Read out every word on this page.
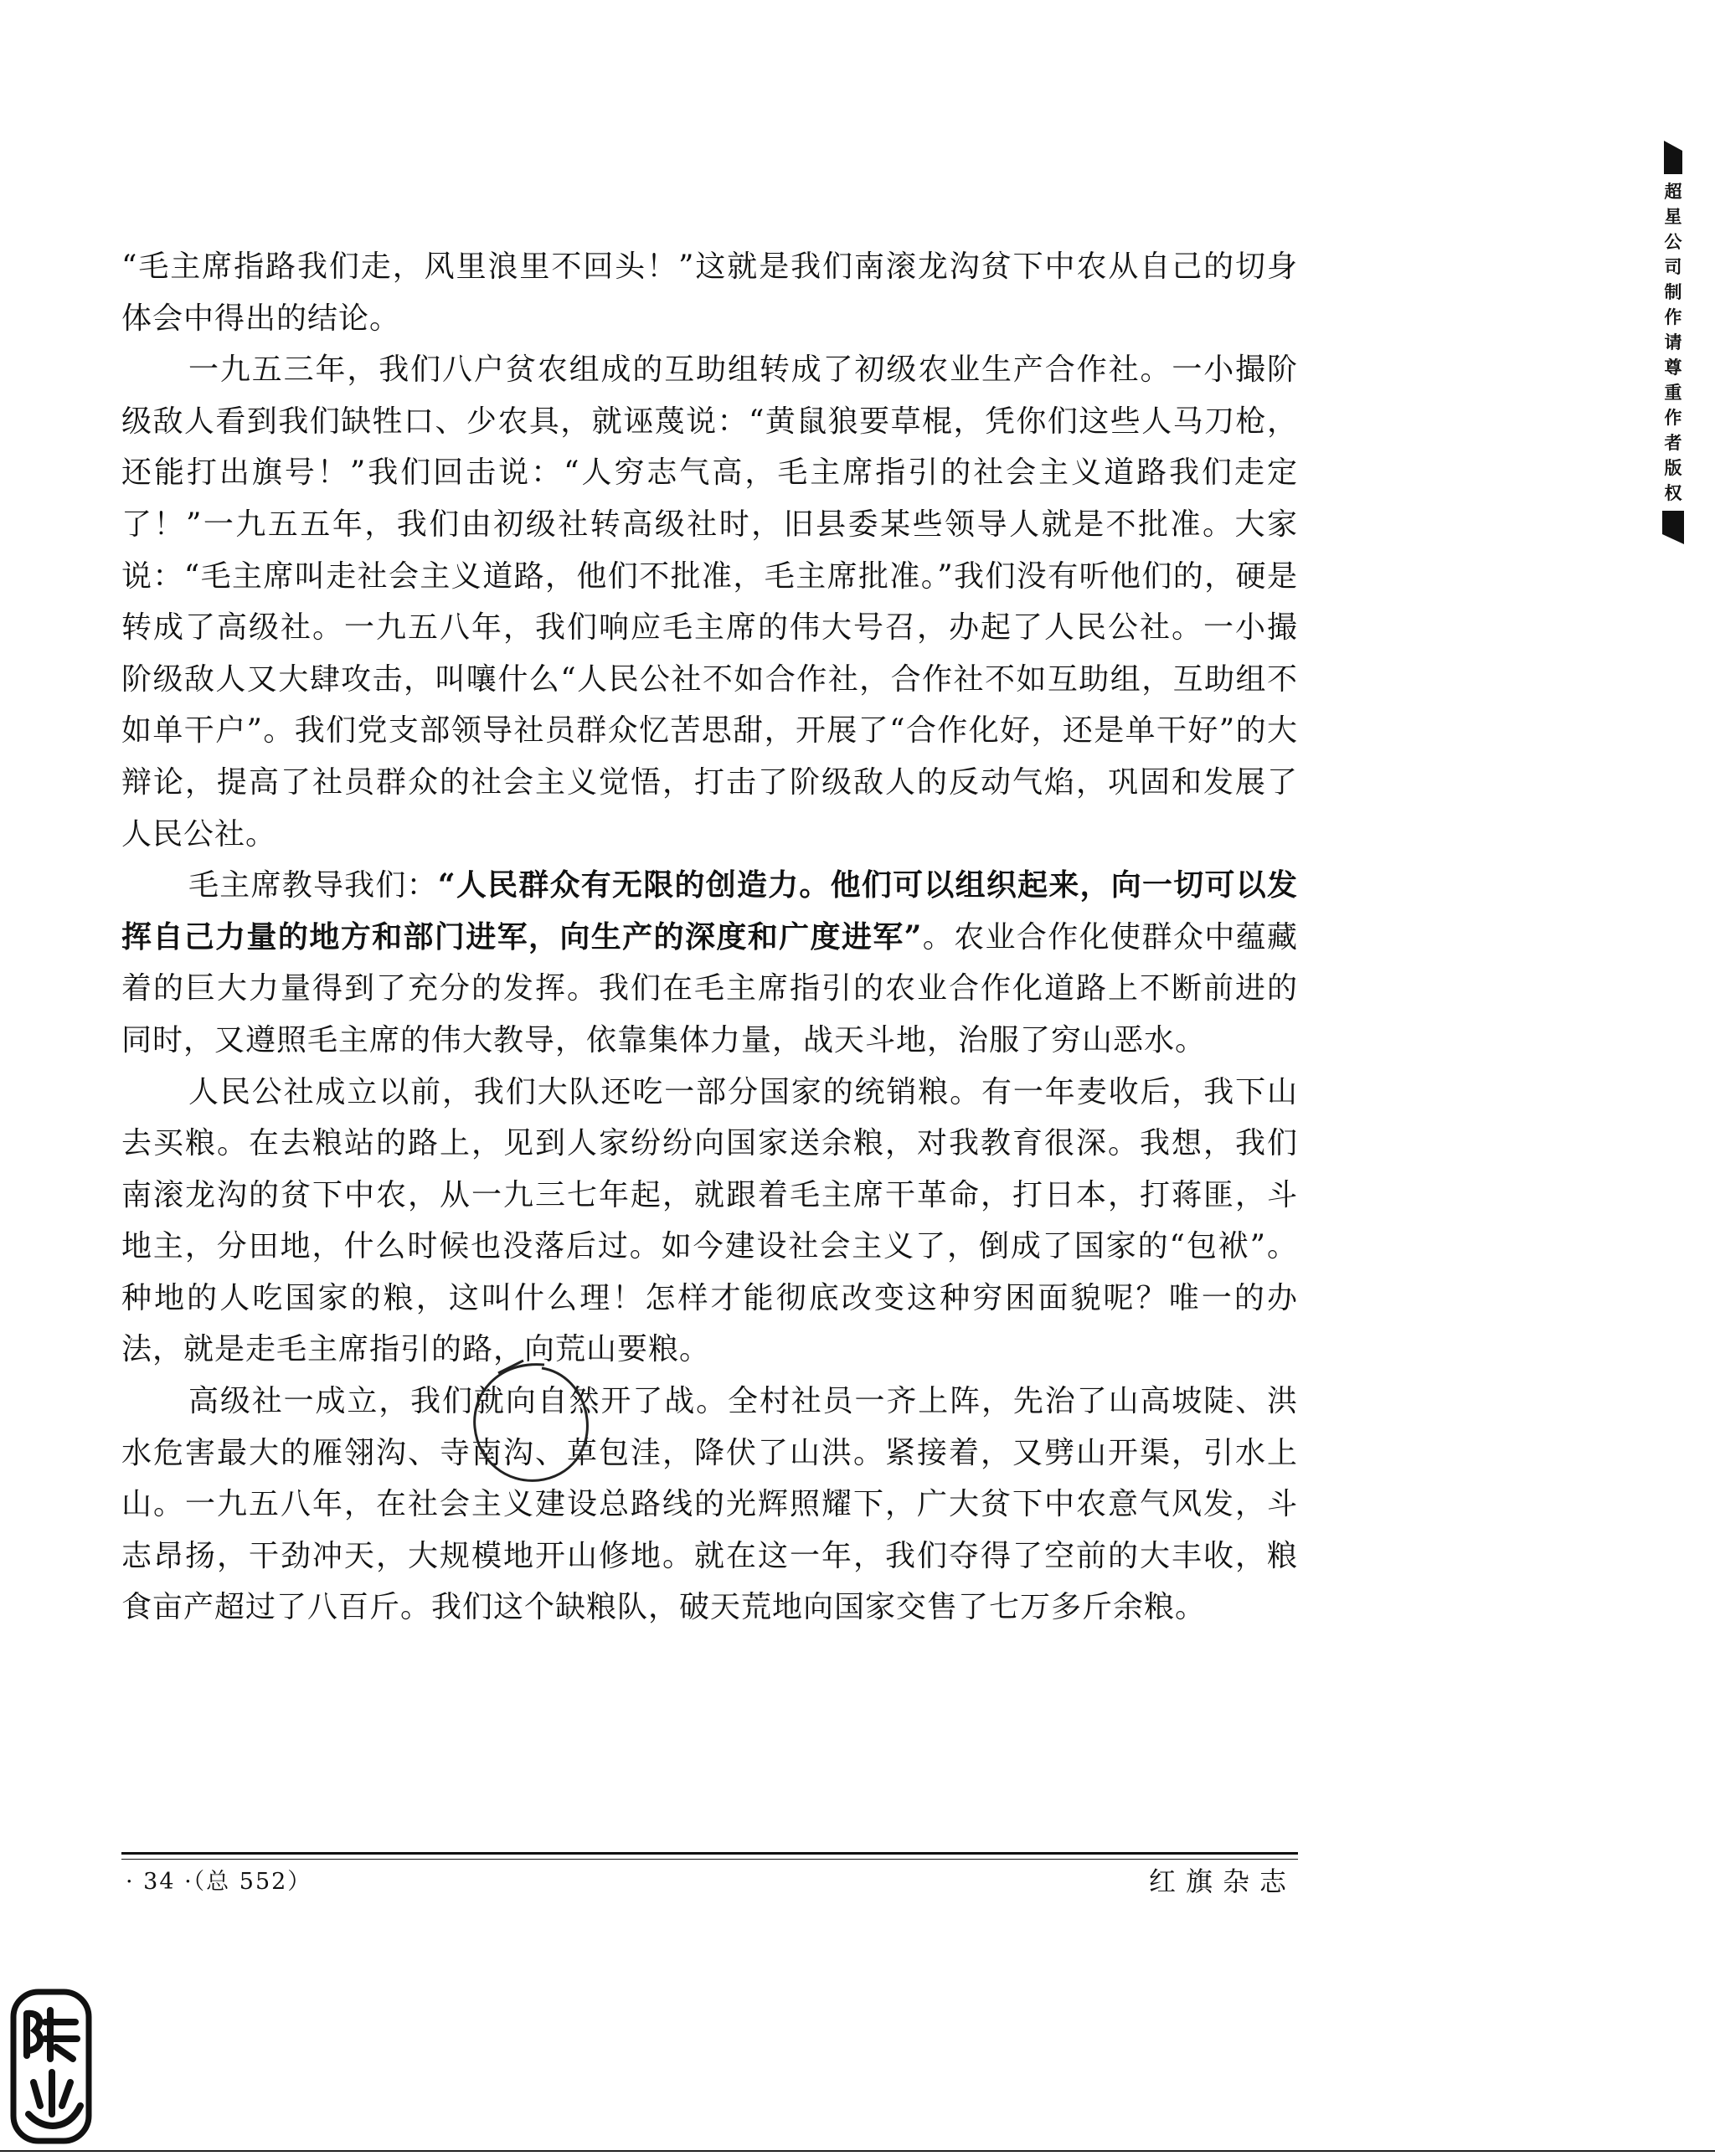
“毛主席指路我们走，风里浪里不回头！”这就是我们南滚龙沟贫下中农从自己的切身体会中得出的结论。

一九五三年，我们八户贫农组成的互助组转成了初级农业生产合作社。一小撮阶级敌人看到我们缺牲口、少农具，就诬蔑说：“黄鼠狼要草棍，凭你们这些人马刀枪，还能打出旗号！”我们回击说：“人穷志气高，毛主席指引的社会主义道路我们走定了！”一九五五年，我们由初级社转高级社时，旧县委某些领导人就是不批准。大家说：“毛主席叫走社会主义道路，他们不批准，毛主席批准。”我们没有听他们的，硬是转成了高级社。一九五八年，我们响应毛主席的伟大号召，办起了人民公社。一小撮阶级敌人又大肆攻击，叫嚷什么“人民公社不如合作社，合作社不如互助组，互助组不如单干户”。我们党支部领导社员群众忆苦思甜，开展了“合作化好，还是单干好”的大辩论，提高了社员群众的社会主义觉悟，打击了阶级敌人的反动气焰，巩固和发展了人民公社。

毛主席教导我们：“人民群众有无限的创造力。他们可以组织起来，向一切可以发挥自己力量的地方和部门进军，向生产的深度和广度进军”。农业合作化使群众中蕴藏着的巨大力量得到了充分的发挥。我们在毛主席指引的农业合作化道路上不断前进的同时，又遵照毛主席的伟大教导，依靠集体力量，战天斗地，治服了穷山恶水。

人民公社成立以前，我们大队还吃一部分国家的统销粮。有一年麦收后，我下山去买粮。在去粮站的路上，见到人家纷纷向国家送余粮，对我教育很深。我想，我们南滚龙沟的贫下中农，从一九三七年起，就跟着毛主席干革命，打日本，打蒋匪，斗地主，分田地，什么时候也没落后过。如今建设社会主义了，倒成了国家的“包袱”。种地的人吃国家的粮，这叫什么理！怎样才能彻底改变这种穷困面貌呢？唯一的办法，就是走毛主席指引的路，向荒山要粮。

高级社一成立，我们就向自然开了战。全村社员一齐上阵，先治了山高坡陡、洪水危害最大的雁翎沟、寺南沟、草包洼，降伏了山洪。紧接着，又劈山开渠，引水上山。一九五八年，在社会主义建设总路线的光辉照耀下，广大贫下中农意气风发，斗志昂扬，干劲冲天，大规模地开山修地。就在这一年，我们夺得了空前的大丰收，粮食亩产超过了八百斤。我们这个缺粮队，破天荒地向国家交售了七万多斤余粮。

· 34 ·（总 552）	红旗杂志
超星公司制作请尊重作者版权
